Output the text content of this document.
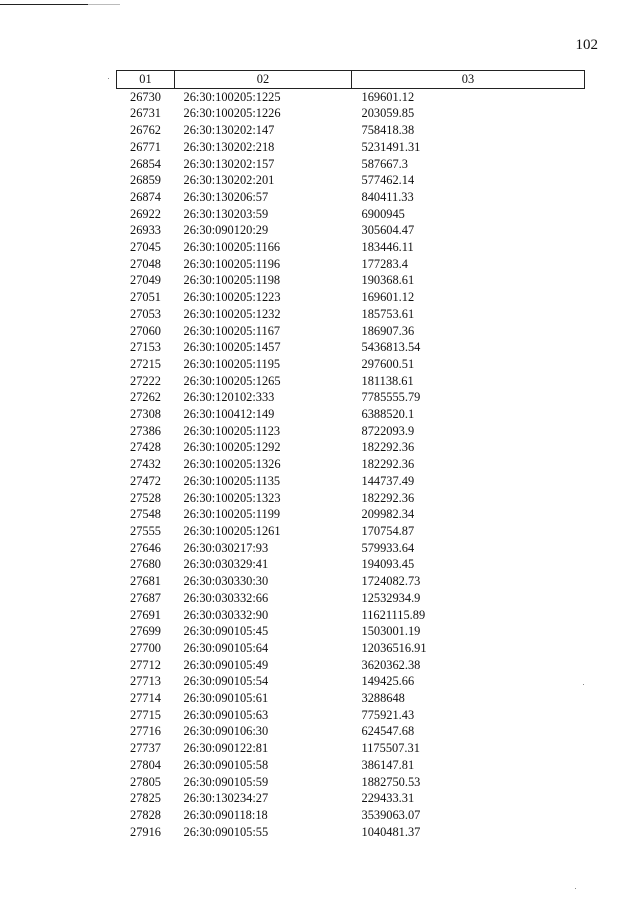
102
01	02	03
26730	26:30:100205:1225	169601.12
26731	26:30:100205:1226	203059.85
26762	26:30:130202:147	758418.38
26771	26:30:130202:218	5231491.31
26854	26:30:130202:157	587667.3
26859	26:30:130202:201	577462.14
26874	26:30:130206:57	840411.33
26922	26:30:130203:59	6900945
26933	26:30:090120:29	305604.47
27045	26:30:100205:1166	183446.11
27048	26:30:100205:1196	177283.4
27049	26:30:100205:1198	190368.61
27051	26:30:100205:1223	169601.12
27053	26:30:100205:1232	185753.61
27060	26:30:100205:1167	186907.36
27153	26:30:100205:1457	5436813.54
27215	26:30:100205:1195	297600.51
27222	26:30:100205:1265	181138.61
27262	26:30:120102:333	7785555.79
27308	26:30:100412:149	6388520.1
27386	26:30:100205:1123	8722093.9
27428	26:30:100205:1292	182292.36
27432	26:30:100205:1326	182292.36
27472	26:30:100205:1135	144737.49
27528	26:30:100205:1323	182292.36
27548	26:30:100205:1199	209982.34
27555	26:30:100205:1261	170754.87
27646	26:30:030217:93	579933.64
27680	26:30:030329:41	194093.45
27681	26:30:030330:30	1724082.73
27687	26:30:030332:66	12532934.9
27691	26:30:030332:90	11621115.89
27699	26:30:090105:45	1503001.19
27700	26:30:090105:64	12036516.91
27712	26:30:090105:49	3620362.38
27713	26:30:090105:54	149425.66
27714	26:30:090105:61	3288648
27715	26:30:090105:63	775921.43
27716	26:30:090106:30	624547.68
27737	26:30:090122:81	1175507.31
27804	26:30:090105:58	386147.81
27805	26:30:090105:59	1882750.53
27825	26:30:130234:27	229433.31
27828	26:30:090118:18	3539063.07
27916	26:30:090105:55	1040481.37
